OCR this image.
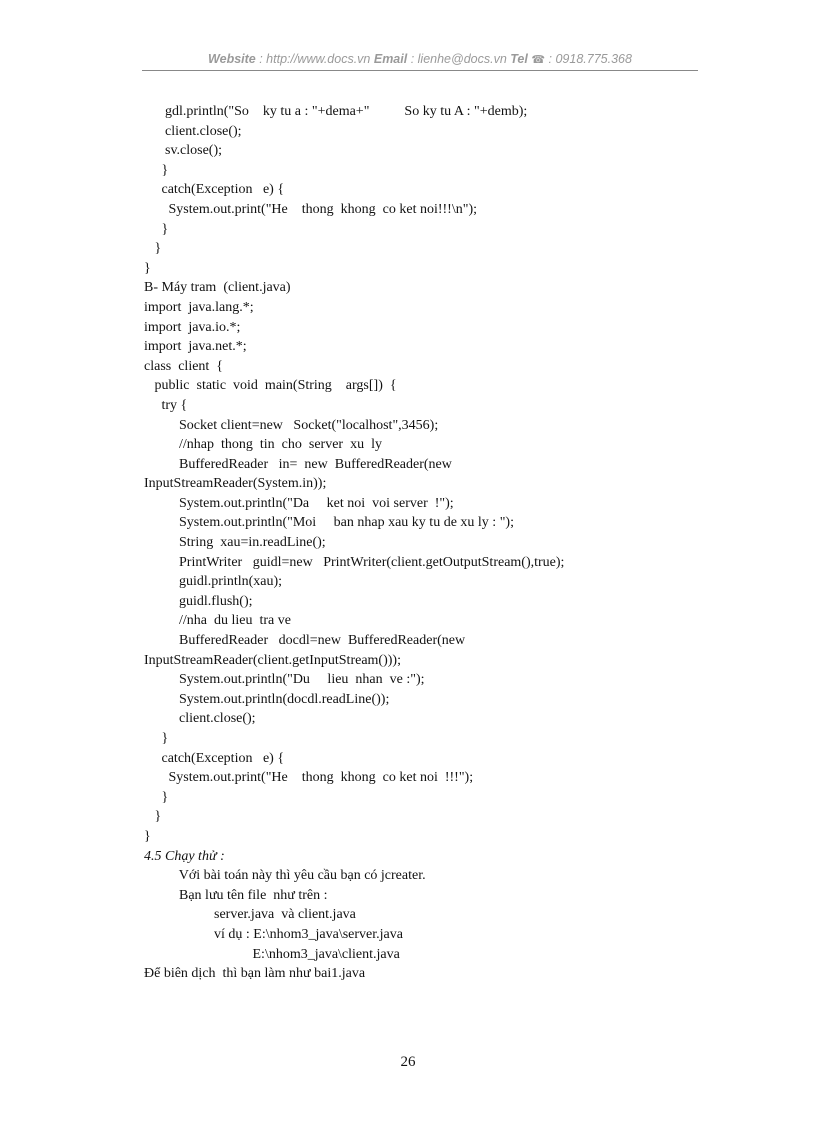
Website : http://www.docs.vn Email : lienhe@docs.vn Tel ☎ : 0918.775.368
gdl.println("So    ky tu a : "+dema+"          So ky tu A : "+demb);
client.close();
sv.close();
}
catch(Exception   e) {
System.out.print("He    thong  khong  co ket noi!!!\n");
}
}
}
B- Máy tram  (client.java)
import  java.lang.*;
import  java.io.*;
import  java.net.*;
class  client  {
public  static  void  main(String    args[])  {
try {
Socket client=new   Socket("localhost",3456);
//nhap  thong  tin  cho  server  xu  ly
BufferedReader   in=  new  BufferedReader(new
InputStreamReader(System.in));
System.out.println("Da     ket noi  voi server  !");
System.out.println("Moi     ban nhap xau ky tu de xu ly : ");
String  xau=in.readLine();
PrintWriter   guidl=new   PrintWriter(client.getOutputStream(),true);
guidl.println(xau);
guidl.flush();
//nha  du lieu  tra ve
BufferedReader   docdl=new  BufferedReader(new
InputStreamReader(client.getInputStream()));
System.out.println("Du     lieu  nhan  ve :");
System.out.println(docdl.readLine());
client.close();
}
catch(Exception   e) {
System.out.print("He    thong  khong  co ket noi  !!!");
}
}
}
4.5 Chạy thử :
Với bài toán này thì yêu cầu bạn có jcreater.
Bạn lưu tên file  như trên :
server.java  và client.java
ví dụ : E:\nhom3_java\server.java
E:\nhom3_java\client.java
Để biên dịch  thì bạn làm như bai1.java
26
